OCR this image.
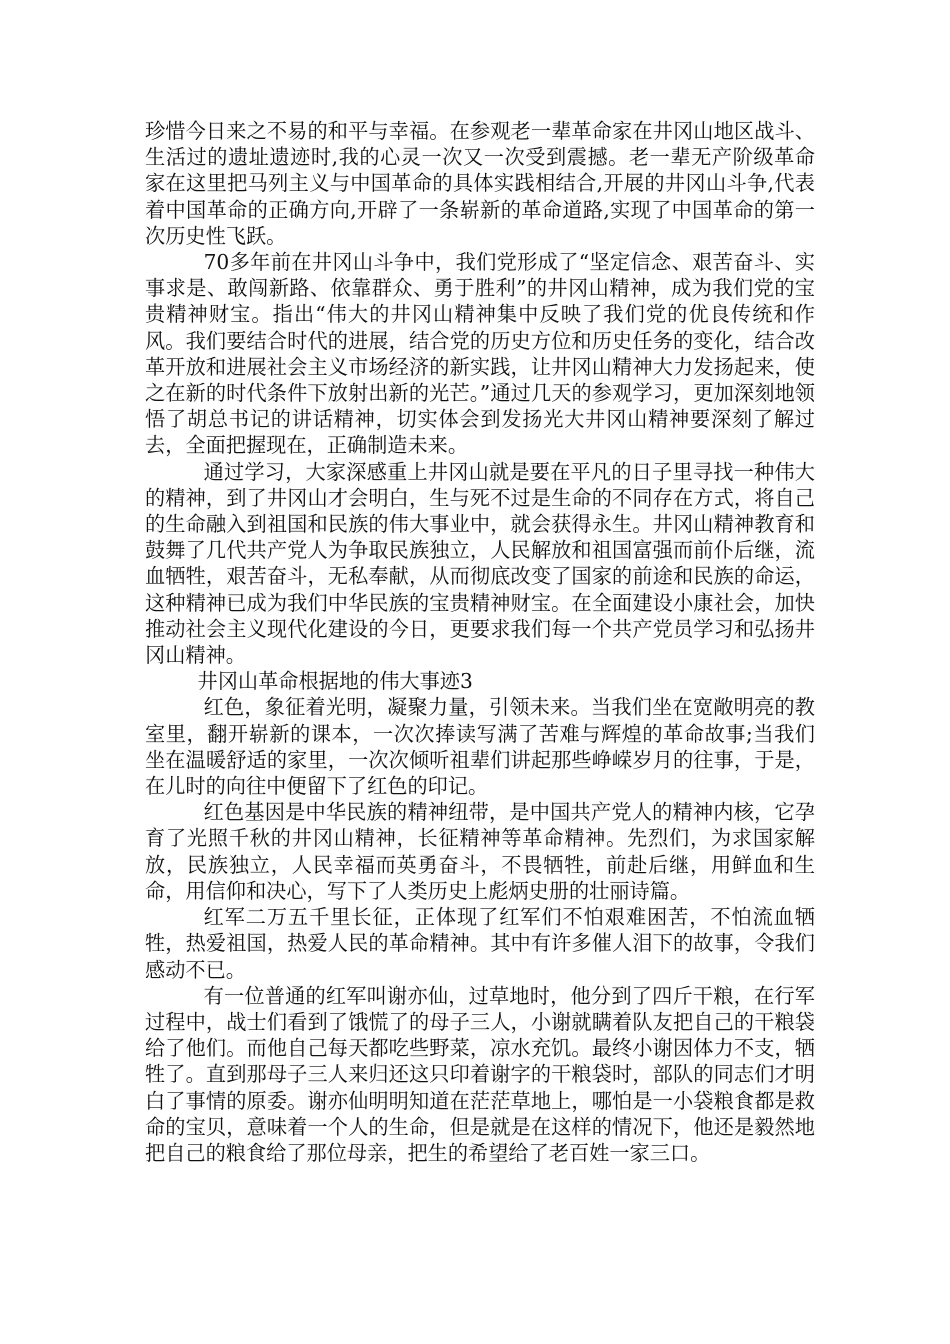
珍惜今日来之不易的和平与幸福。在参观老一辈革命家在井冈山地区战斗、生活过的遗址遗迹时,我的心灵一次又一次受到震撼。老一辈无产阶级革命家在这里把马列主义与中国革命的具体实践相结合,开展的井冈山斗争,代表着中国革命的正确方向,开辟了一条崭新的革命道路,实现了中国革命的第一次历史性飞跃。

70多年前在井冈山斗争中，我们党形成了“坚定信念、艰苦奋斗、实事求是、敢闯新路、依靠群众、勇于胜利”的井冈山精神，成为我们党的宝贵精神财宝。指出“伟大的井冈山精神集中反映了我们党的优良传统和作风。我们要结合时代的进展，结合党的历史方位和历史任务的变化，结合改革开放和进展社会主义市场经济的新实践，让井冈山精神大力发扬起来，使之在新的时代条件下放射出新的光芒。”通过几天的参观学习，更加深刻地领悟了胡总书记的讲话精神，切实体会到发扬光大井冈山精神要深刻了解过去，全面把握现在，正确制造未来。

通过学习，大家深感重上井冈山就是要在平凡的日子里寻找一种伟大的精神，到了井冈山才会明白，生与死不过是生命的不同存在方式，将自己的生命融入到祖国和民族的伟大事业中，就会获得永生。井冈山精神教育和鼓舞了几代共产党人为争取民族独立，人民解放和祖国富强而前仆后继，流血牺牲，艰苦奋斗，无私奉献，从而彻底改变了国家的前途和民族的命运，这种精神已成为我们中华民族的宝贵精神财宝。在全面建设小康社会，加快推动社会主义现代化建设的今日，更要求我们每一个共产党员学习和弘扬井冈山精神。

井冈山革命根据地的伟大事迹3

红色，象征着光明，凝聚力量，引领未来。当我们坐在宽敞明亮的教室里，翻开崭新的课本，一次次捧读写满了苦难与辉煌的革命故事;当我们坐在温暖舒适的家里，一次次倾听祖辈们讲起那些峥嵘岁月的往事，于是，在儿时的向往中便留下了红色的印记。

红色基因是中华民族的精神纽带，是中国共产党人的精神内核，它孕育了光照千秋的井冈山精神，长征精神等革命精神。先烈们，为求国家解放，民族独立，人民幸福而英勇奋斗，不畏牺牲，前赴后继，用鲜血和生命，用信仰和决心，写下了人类历史上彪炳史册的壮丽诗篇。

红军二万五千里长征，正体现了红军们不怕艰难困苦，不怕流血牺牲，热爱祖国，热爱人民的革命精神。其中有许多催人泪下的故事，令我们感动不已。

有一位普通的红军叫谢亦仙，过草地时，他分到了四斤干粮，在行军过程中，战士们看到了饿慌了的母子三人，小谢就瞒着队友把自己的干粮袋给了他们。而他自己每天都吃些野菜，凉水充饥。最终小谢因体力不支，牺牲了。直到那母子三人来归还这只印着谢字的干粮袋时，部队的同志们才明白了事情的原委。谢亦仙明明知道在茫茫草地上，哪怕是一小袋粮食都是救命的宝贝，意味着一个人的生命，但是就是在这样的情况下，他还是毅然地把自己的粮食给了那位母亲，把生的希望给了老百姓一家三口。
